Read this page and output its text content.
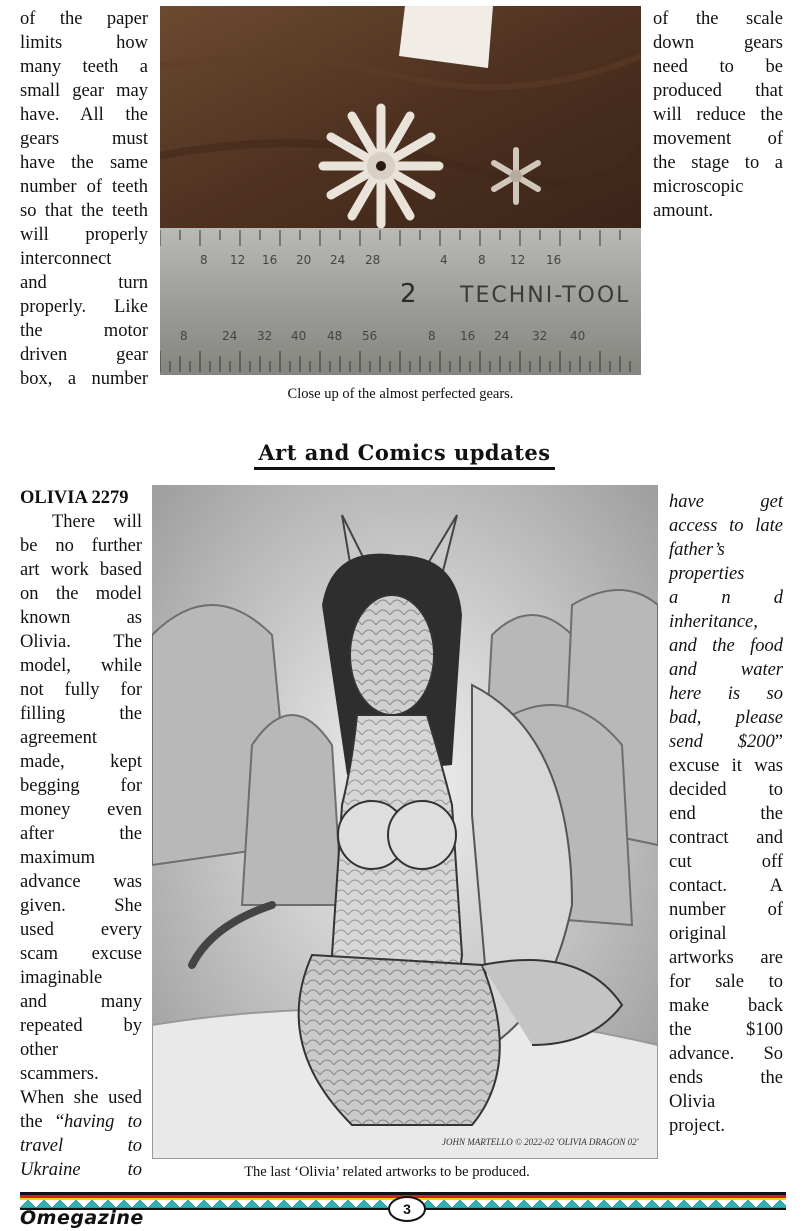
of the paper
limits how
many teeth a
small gear may
have. All the
gears must
have the same
number of teeth
so that the teeth
will properly
interconnect
and turn
properly. Like
the motor
driven gear
box, a number
8 12 16 20 24 28	4	8 12 16
8	24 32 40 48 56	8 16 24 32 40
2 TECHNI-TOOL
of the scale
down gears
need to be
produced that
will reduce the
movement of
the stage to a
microscopic
amount.
Close up of the almost perfected gears.
Art and Comics updates
OLIVIA 2279
There will
be no further
art work based
on the model
known as
Olivia. The
model, while
not fully for
filling the
agreement
made, kept
begging for
money even
after the
maximum
advance was
given. She
used every
scam excuse
imaginable
and many
repeated by
other
scammers.
When she used
the “having to
travel to
Ukraine to
JOHN MARTELLO © 2022-02 'OLIVIA DRAGON 02'
have get
access to late
father’s
properties
a n d
inheritance,
and the food
and water
here is so
bad, please
send $200”
excuse it was
decided to
end the
contract and
cut off
contact. A
number of
original
artworks are
for sale to
make back
the $100
advance. So
ends the
Olivia
project.
The last ‘Olivia’ related artworks to be produced.
3
Omegazine
